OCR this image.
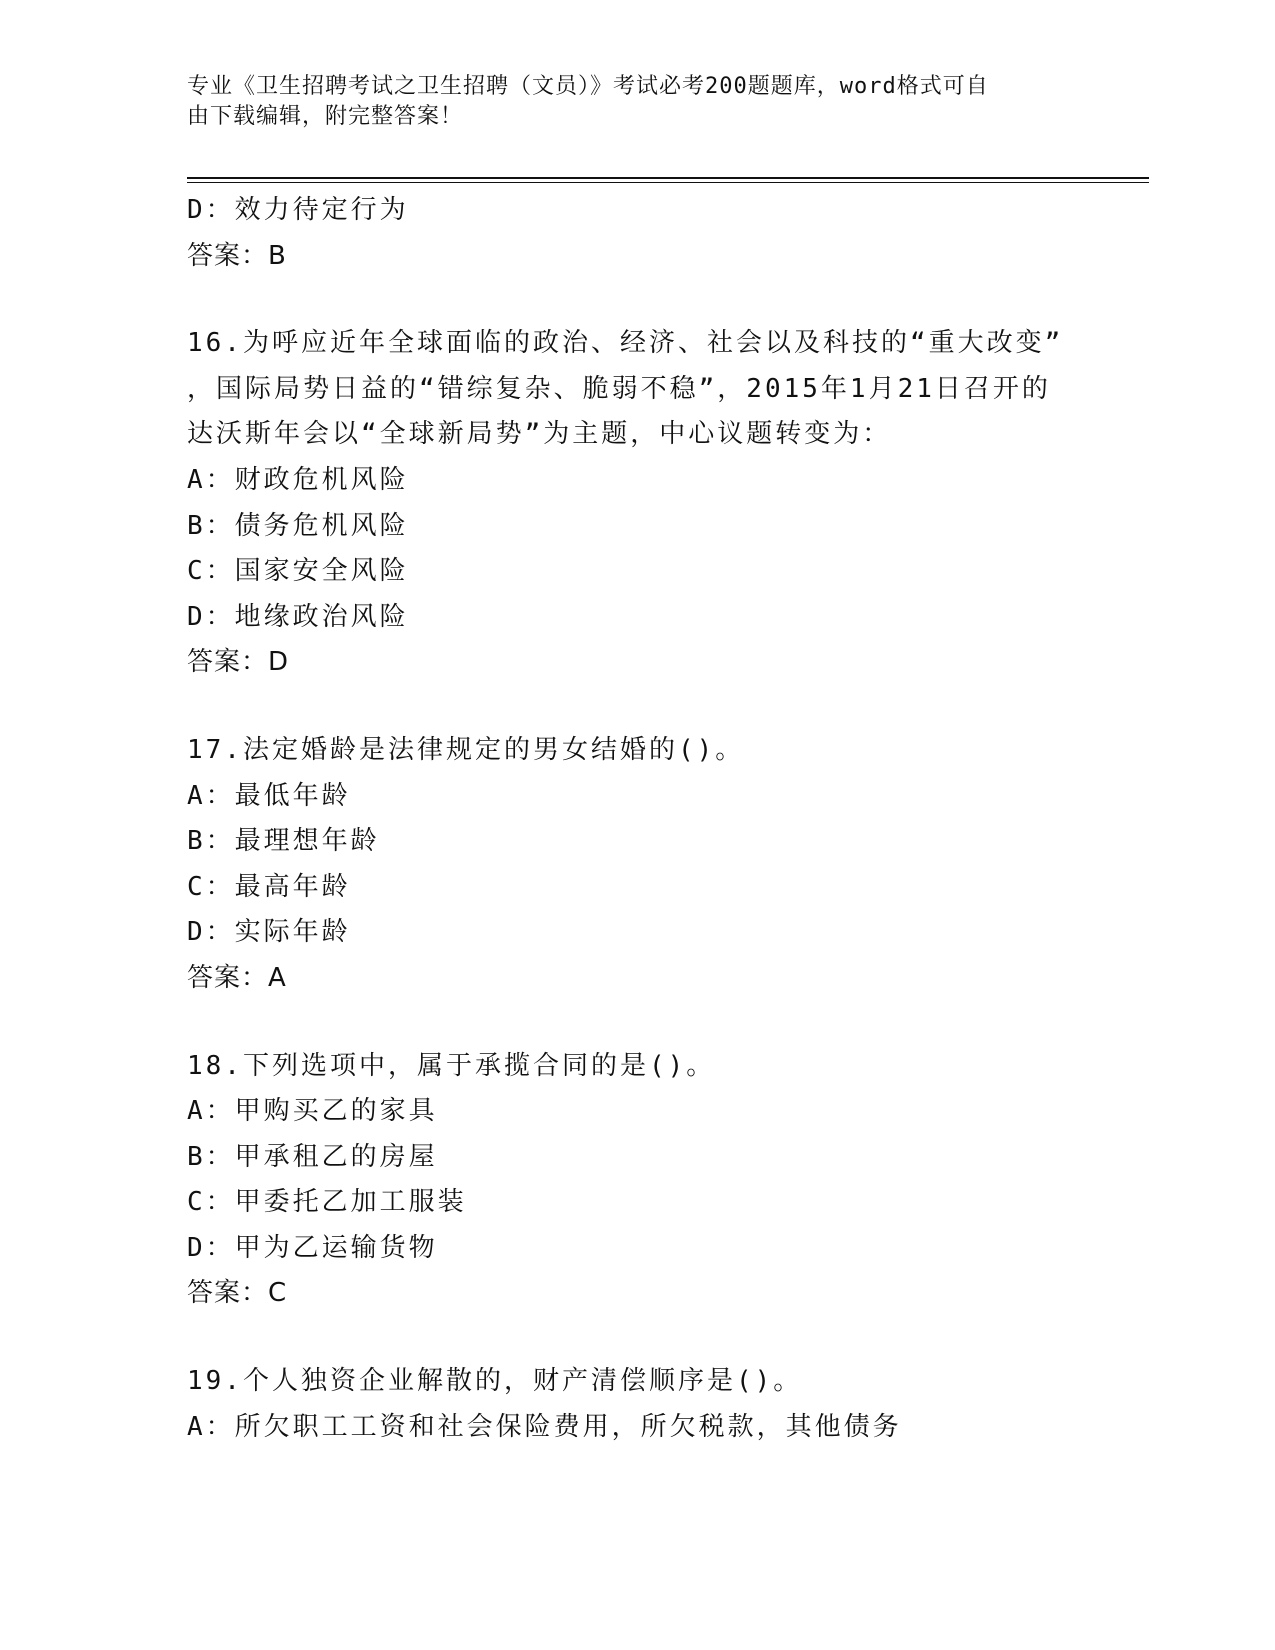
专业《卫生招聘考试之卫生招聘（文员）》考试必考200题题库，word格式可自
由下载编辑，附完整答案！
D：效力待定行为
答案：B
16.为呼应近年全球面临的政治、经济、社会以及科技的“重大改变”
，国际局势日益的“错综复杂、脆弱不稳”，2015年1月21日召开的
达沃斯年会以“全球新局势”为主题，中心议题转变为：
A：财政危机风险
B：债务危机风险
C：国家安全风险
D：地缘政治风险
答案：D
17.法定婚龄是法律规定的男女结婚的()。
A：最低年龄
B：最理想年龄
C：最高年龄
D：实际年龄
答案：A
18.下列选项中，属于承揽合同的是()。
A：甲购买乙的家具
B：甲承租乙的房屋
C：甲委托乙加工服装
D：甲为乙运输货物
答案：C
19.个人独资企业解散的，财产清偿顺序是()。
A：所欠职工工资和社会保险费用，所欠税款，其他债务
